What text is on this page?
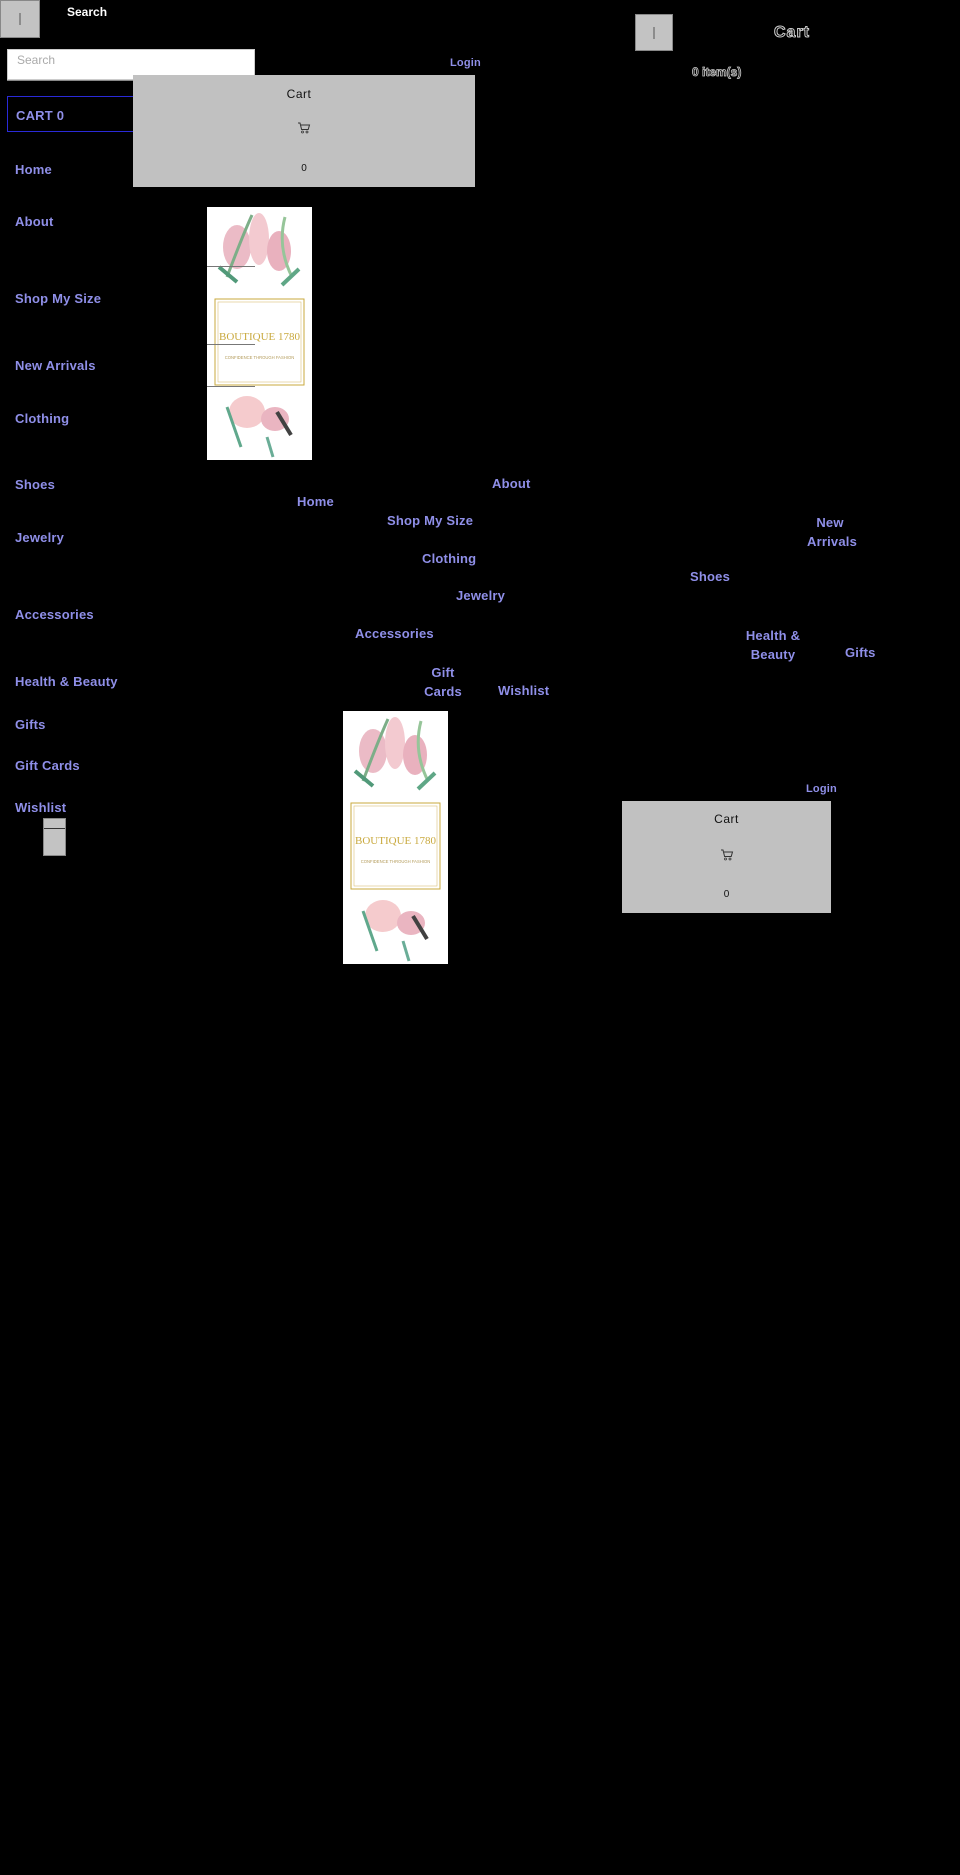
Search
Search
CART 0
Cart
0
Login
Cart
0 item(s)
Home
About
Shop My Size
New Arrivals
Clothing
Shoes
Jewelry
Accessories
Health & Beauty
Gifts
Gift Cards
Wishlist
BOUTIQUE 1780
CONFIDENCE THROUGH FASHION
Home
About
Shop My Size	New Arrivals
Clothing
Shoes
Jewelry
Accessories	Health & Beauty	Gifts
Gift Cards	Wishlist
BOUTIQUE 1780
CONFIDENCE THROUGH FASHION
Login
Cart
0
